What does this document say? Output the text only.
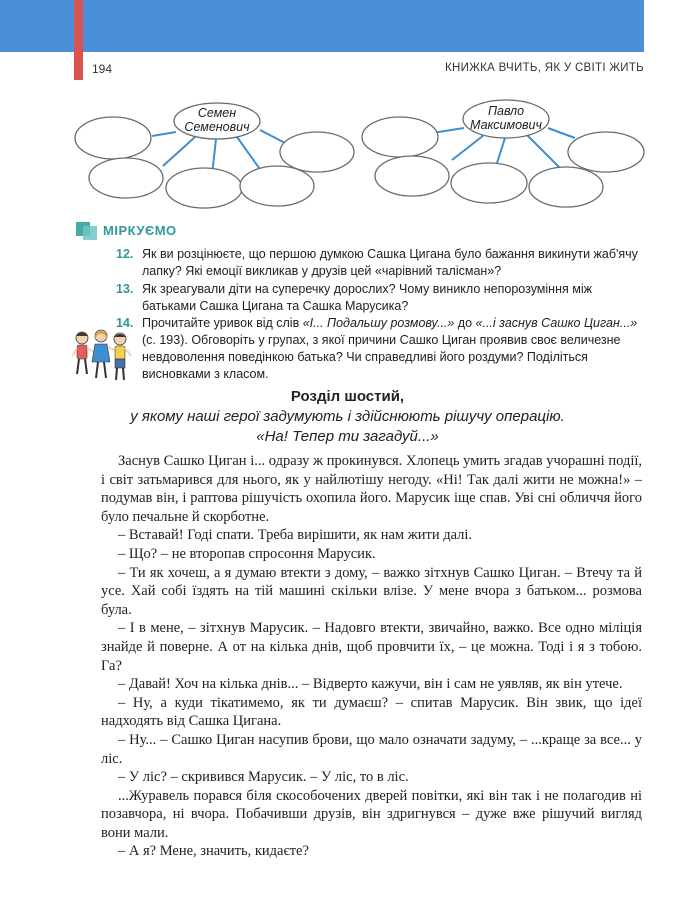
194	КНИЖКА ВЧИТЬ, ЯК У СВІТІ ЖИТЬ
Семен
Семенович
Павло
Максимович
МІРКУЄМО
12. Як ви розцінюєте, що першою думкою Сашка Цигана було бажання викинути жаб'ячу лапку? Які емоції викликав у друзів цей «чарівний талісман»?
13. Як зреагували діти на суперечку дорослих? Чому виникло непорозуміння між батьками Сашка Цигана та Сашка Марусика?
14. Прочитайте уривок від слів «І... Подальшу розмову...» до «...і заснув Сашко Циган...» (с. 193). Обговоріть у групах, з якої причини Сашко Циган проявив своє величезне невдоволення поведінкою батька? Чи справедливі його роздуми? Поділіться висновками з класом.
Розділ шостий,
у якому наші герої задумують і здійснюють рішучу операцію.
«На! Тепер ти загадуй...»

Заснув Сашко Циган і... одразу ж прокинувся. Хлопець умить згадав учорашні події, і світ затьмарився для нього, як у найлютішу негоду. «Ні! Так далі жити не можна!» – подумав він, і раптова рішучість охопила його. Марусик іще спав. Уві сні обличчя його було печальне й скорботне.

– Вставай! Годі спати. Треба вирішити, як нам жити далі.

– Що? – не второпав спросоння Марусик.

– Ти як хочеш, а я думаю втекти з дому, – важко зітхнув Сашко Циган. – Втечу та й усе. Хай собі їздять на тій машині скільки влізе. У мене вчора з батьком... розмова була.

– І в мене, – зітхнув Марусик. – Надовго втекти, звичайно, важко. Все одно міліція знайде й поверне. А от на кілька днів, щоб провчити їх, – це можна. Тоді і я з тобою. Га?

– Давай! Хоч на кілька днів... – Відверто кажучи, він і сам не уявляв, як він утече.

– Ну, а куди тікатимемо, як ти думаєш? – спитав Марусик. Він звик, що ідеї надходять від Сашка Цигана.

– Ну... – Сашко Циган насупив брови, що мало означати задуму, – ...краще за все... у ліс.

– У ліс? – скривився Марусик. – У ліс, то в ліс.

...Журавель порався біля скособочених дверей повітки, які він так і не полагодив ні позавчора, ні вчора. Побачивши друзів, він здригнувся – дуже вже рішучий вигляд вони мали.

– А я? Мене, значить, кидаєте?
